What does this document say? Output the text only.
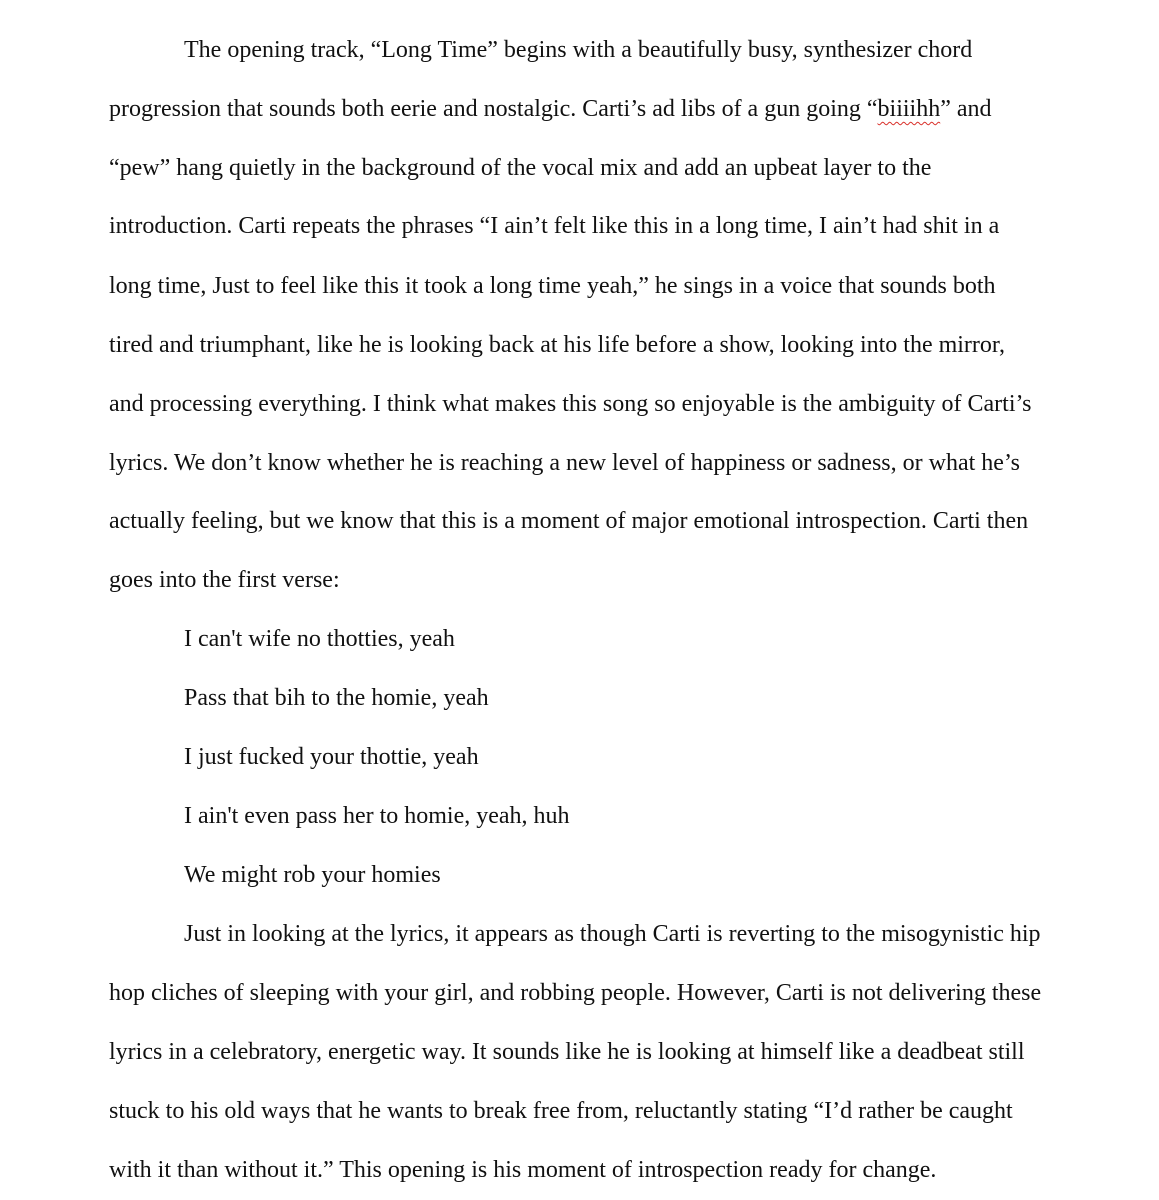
The opening track, “Long Time” begins with a beautifully busy, synthesizer chord
progression that sounds both eerie and nostalgic. Carti’s ad libs of a gun going “biiiihh” and
“pew” hang quietly in the background of the vocal mix and add an upbeat layer to the
introduction. Carti repeats the phrases “I ain’t felt like this in a long time, I ain’t had shit in a
long time, Just to feel like this it took a long time yeah,” he sings in a voice that sounds both
tired and triumphant, like he is looking back at his life before a show, looking into the mirror,
and processing everything. I think what makes this song so enjoyable is the ambiguity of Carti’s
lyrics. We don’t know whether he is reaching a new level of happiness or sadness, or what he’s
actually feeling, but we know that this is a moment of major emotional introspection. Carti then
goes into the first verse:
I can't wife no thotties, yeah
Pass that bih to the homie, yeah
I just fucked your thottie, yeah
I ain't even pass her to homie, yeah, huh
We might rob your homies
Just in looking at the lyrics, it appears as though Carti is reverting to the misogynistic hip
hop cliches of sleeping with your girl, and robbing people. However, Carti is not delivering these
lyrics in a celebratory, energetic way. It sounds like he is looking at himself like a deadbeat still
stuck to his old ways that he wants to break free from, reluctantly stating “I’d rather be caught
with it than without it.” This opening is his moment of introspection ready for change.
